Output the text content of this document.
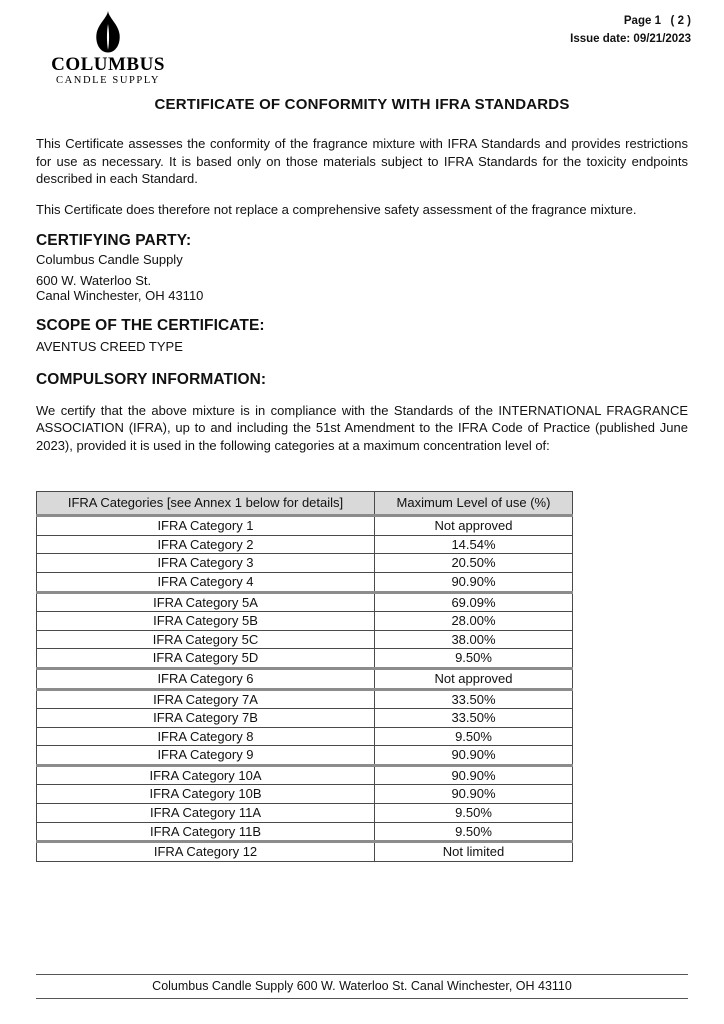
COLUMBUS
CANDLE SUPPLY
Page 1   ( 2 )
Issue date: 09/21/2023
CERTIFICATE OF CONFORMITY WITH IFRA STANDARDS

This Certificate assesses the conformity of the fragrance mixture with IFRA Standards and provides restrictions for use as necessary. It is based only on those materials subject to IFRA Standards for the toxicity endpoints described in each Standard.

This Certificate does therefore not replace a comprehensive safety assessment of the fragrance mixture.

CERTIFYING PARTY:
Columbus Candle Supply
600 W. Waterloo St.
Canal Winchester, OH 43110
SCOPE OF THE CERTIFICATE:
AVENTUS CREED TYPE
COMPULSORY INFORMATION:

We certify that the above mixture is in compliance with the Standards of the INTERNATIONAL FRAGRANCE ASSOCIATION (IFRA), up to and including the 51st Amendment to the IFRA Code of Practice (published June 2023), provided it is used in the following categories at a maximum concentration level of:

IFRA Categories [see Annex 1 below for details]	Maximum Level of use (%)
IFRA Category 1	Not approved
IFRA Category 2	14.54%
IFRA Category 3	20.50%
IFRA Category 4	90.90%
IFRA Category 5A	69.09%
IFRA Category 5B	28.00%
IFRA Category 5C	38.00%
IFRA Category 5D	9.50%
IFRA Category 6	Not approved
IFRA Category 7A	33.50%
IFRA Category 7B	33.50%
IFRA Category 8	9.50%
IFRA Category 9	90.90%
IFRA Category 10A	90.90%
IFRA Category 10B	90.90%
IFRA Category 11A	9.50%
IFRA Category 11B	9.50%
IFRA Category 12	Not limited
Columbus Candle Supply 600 W. Waterloo St. Canal Winchester, OH 43110
